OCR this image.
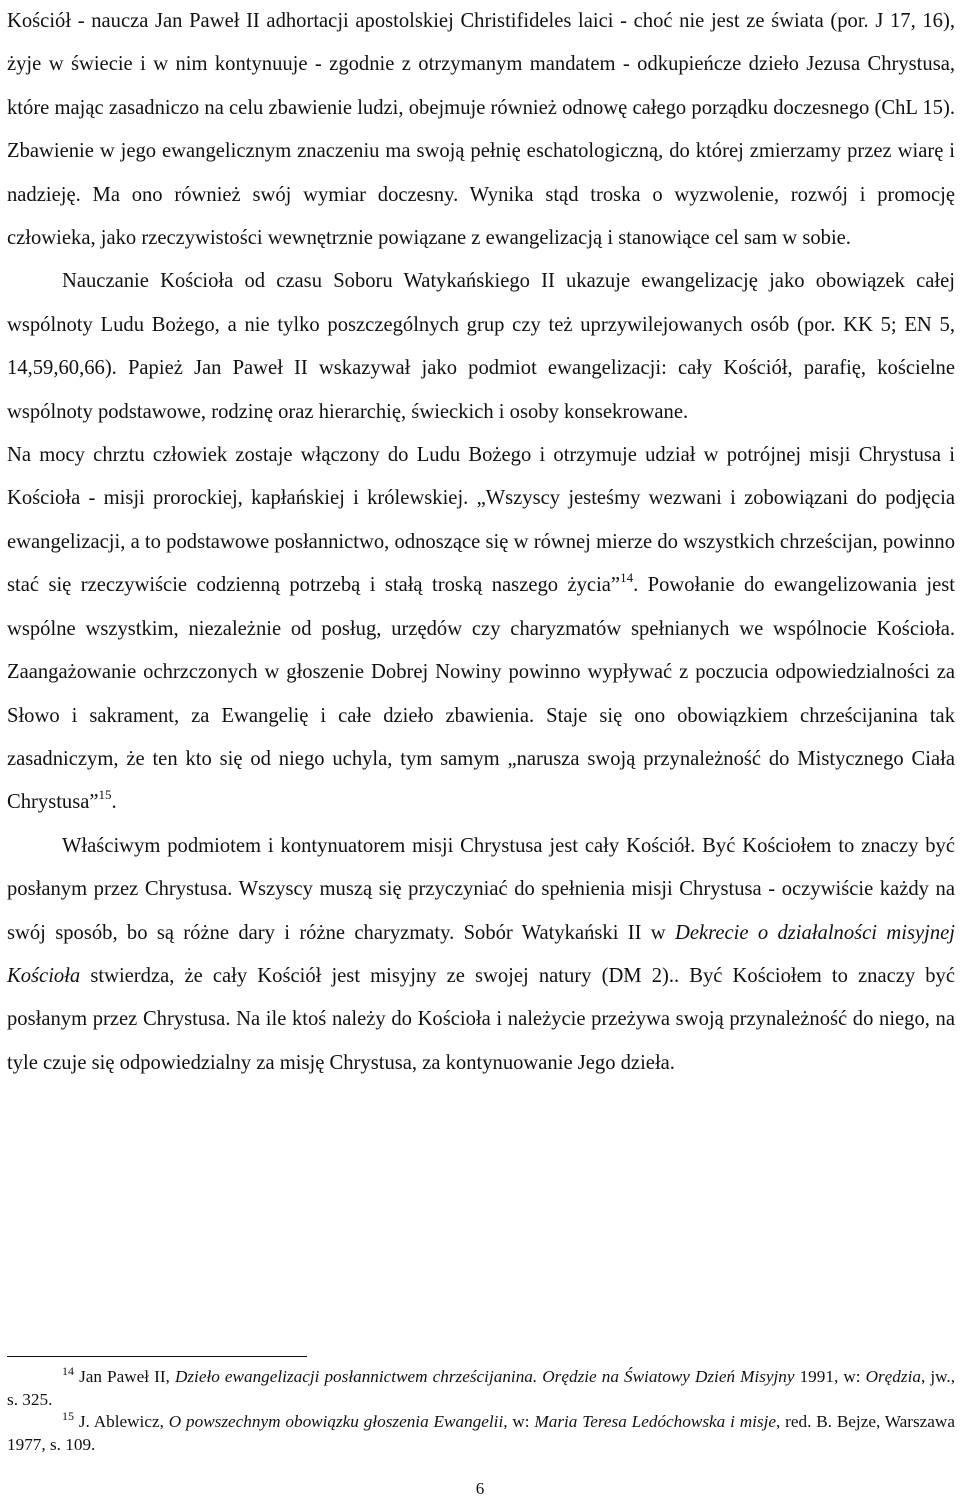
Kościół - naucza Jan Paweł II adhortacji apostolskiej Christifideles laici - choć nie jest ze świata (por. J 17, 16), żyje w świecie i w nim kontynuuje - zgodnie z otrzymanym mandatem - odkupieńcze dzieło Jezusa Chrystusa, które mając zasadniczo na celu zbawienie ludzi, obejmuje również odnowę całego porządku doczesnego (ChL 15). Zbawienie w jego ewangelicznym znaczeniu ma swoją pełnię eschatologiczną, do której zmierzamy przez wiarę i nadzieję. Ma ono również swój wymiar doczesny. Wynika stąd troska o wyzwolenie, rozwój i promocję człowieka, jako rzeczywistości wewnętrznie powiązane z ewangelizacją i stanowiące cel sam w sobie.

Nauczanie Kościoła od czasu Soboru Watykańskiego II ukazuje ewangelizację jako obowiązek całej wspólnoty Ludu Bożego, a nie tylko poszczególnych grup czy też uprzywilejowanych osób (por. KK 5; EN 5, 14,59,60,66). Papież Jan Paweł II wskazywał jako podmiot ewangelizacji: cały Kościół, parafię, kościelne wspólnoty podstawowe, rodzinę oraz hierarchię, świeckich i osoby konsekrowane.

Na mocy chrztu człowiek zostaje włączony do Ludu Bożego i otrzymuje udział w potrójnej misji Chrystusa i Kościoła - misji prorockiej, kapłańskiej i królewskiej. „Wszyscy jesteśmy wezwani i zobowiązani do podjęcia ewangelizacji, a to podstawowe posłannictwo, odnoszące się w równej mierze do wszystkich chrześcijan, powinno stać się rzeczywiście codzienną potrzebą i stałą troską naszego życia”$^{14}$. Powołanie do ewangelizowania jest wspólne wszystkim, niezależnie od posług, urzędów czy charyzmatów spełnianych we wspólnocie Kościoła. Zaangażowanie ochrzczonych w głoszenie Dobrej Nowiny powinno wypływać z poczucia odpowiedzialności za Słowo i sakrament, za Ewangelię i całe dzieło zbawienia. Staje się ono obowiązkiem chrześcijanina tak zasadniczym, że ten kto się od niego uchyla, tym samym „narusza swoją przynależność do Mistycznego Ciała Chrystusa”$^{15}$.

Właściwym podmiotem i kontynuatorem misji Chrystusa jest cały Kościół. Być Kościołem to znaczy być posłanym przez Chrystusa. Wszyscy muszą się przyczyniać do spełnienia misji Chrystusa - oczywiście każdy na swój sposób, bo są różne dary i różne charyzmaty. Sobór Watykański II w Dekrecie o działalności misyjnej Kościoła stwierdza, że cały Kościół jest misyjny ze swojej natury (DM 2).. Być Kościołem to znaczy być posłanym przez Chrystusa. Na ile ktoś należy do Kościoła i należycie przeżywa swoją przynależność do niego, na tyle czuje się odpowiedzialny za misję Chrystusa, za kontynuowanie Jego dzieła.

$^{14}$ Jan Paweł II, Dzieło ewangelizacji posłannictwem chrześcijanina. Orędzie na Światowy Dzień Misyjny 1991, w: Orędzia, jw., s. 325.

$^{15}$ J. Ablewicz, O powszechnym obowiązku głoszenia Ewangelii, w: Maria Teresa Ledóchowska i misje, red. B. Bejze, Warszawa 1977, s. 109.

6
